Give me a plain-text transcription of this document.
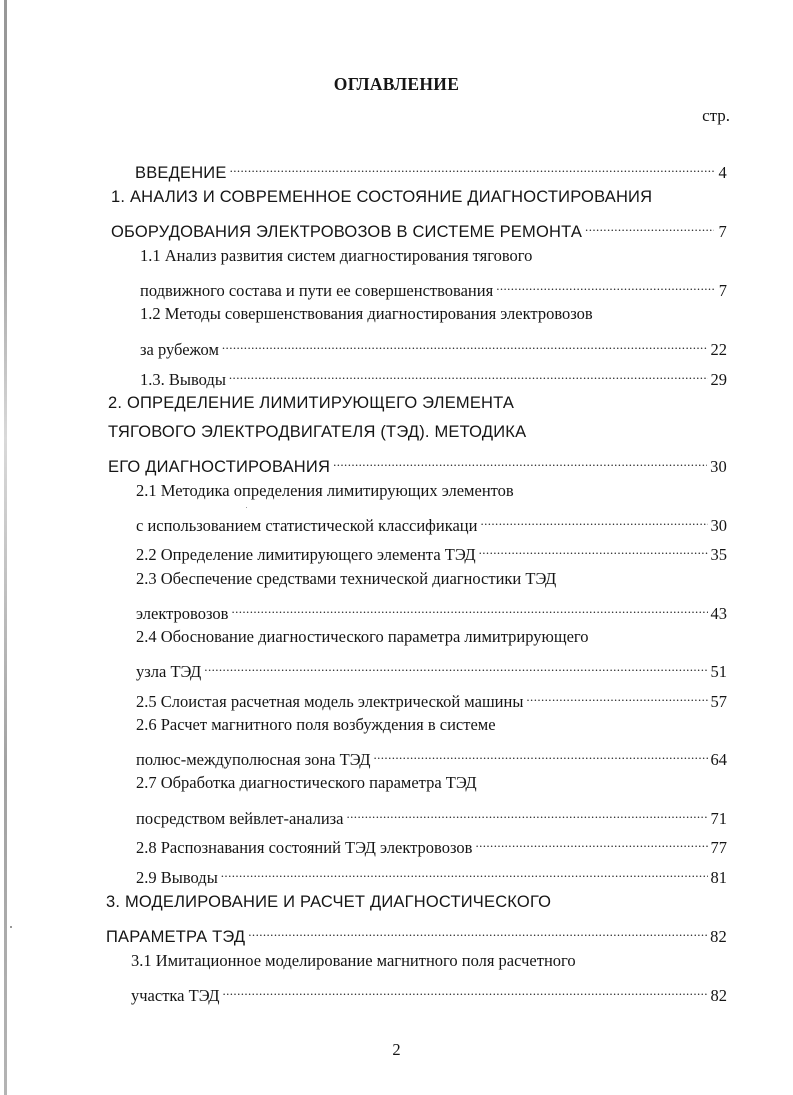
ОГЛАВЛЕНИЕ
стр.
ВВЕДЕНИЕ .....	4
1. АНАЛИЗ И СОВРЕМЕННОЕ СОСТОЯНИЕ ДИАГНОСТИРОВАНИЯ
ОБОРУДОВАНИЯ ЭЛЕКТРОВОЗОВ В СИСТЕМЕ РЕМОНТА .....	7
1.1 Анализ развития систем диагностирования тягового
подвижного состава и пути ее совершенствования .....	7
1.2 Методы совершенствования диагностирования электровозов
за рубежом .....	22
1.3. Выводы .....	29
2. ОПРЕДЕЛЕНИЕ ЛИМИТИРУЮЩЕГО ЭЛЕМЕНТА
ТЯГОВОГО ЭЛЕКТРОДВИГАТЕЛЯ (ТЭД). МЕТОДИКА
ЕГО ДИАГНОСТИРОВАНИЯ .....	30
2.1 Методика определения лимитирующих элементов
с использованием статистической классификаци .....	30
2.2 Определение лимитирующего элемента ТЭД .....	35
2.3 Обеспечение средствами технической диагностики ТЭД
электровозов .....	43
2.4 Обоснование диагностического параметра лимитрирующего
узла ТЭД .....	51
2.5 Слоистая расчетная модель электрической машины .....	57
2.6 Расчет магнитного поля возбуждения в системе
полюс-междуполюсная зона ТЭД .....	64
2.7 Обработка диагностического параметра ТЭД
посредством вейвлет-анализа .....	71
2.8 Распознавания состояний ТЭД электровозов .....	77
2.9 Выводы .....	81
3. МОДЕЛИРОВАНИЕ И РАСЧЕТ ДИАГНОСТИЧЕСКОГО
ПАРАМЕТРА ТЭД .....	82
3.1 Имитационное моделирование магнитного поля расчетного
участка ТЭД .....	82
2
